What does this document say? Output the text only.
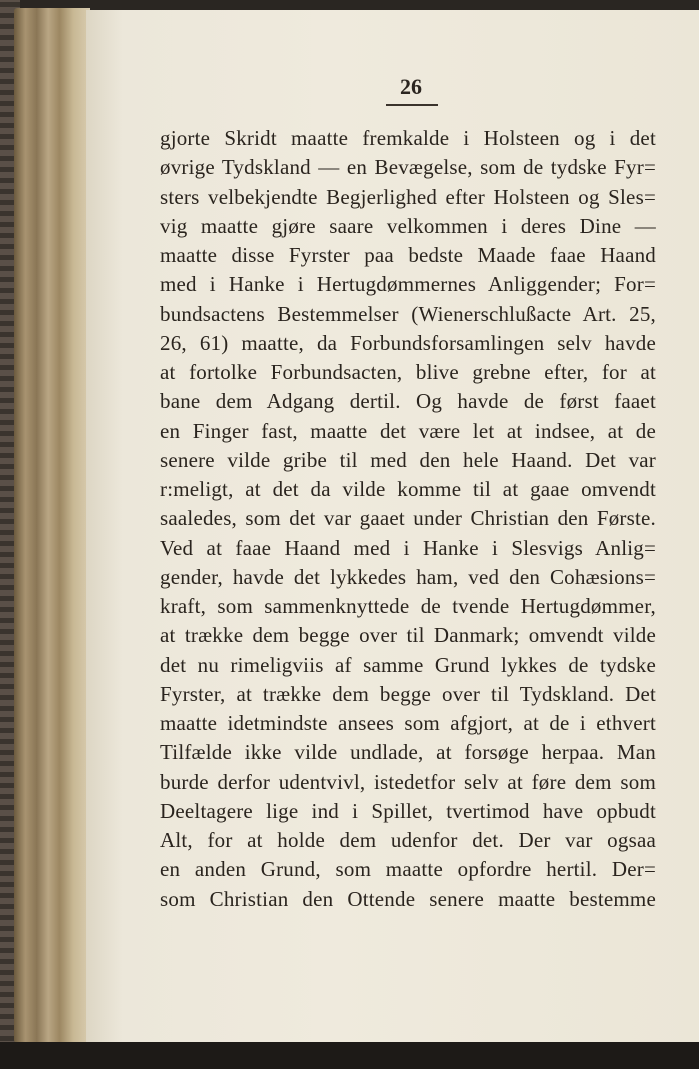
26
gjorte Skridt maatte fremkalde i Holsteen og i det
øvrige Tydskland — en Bevægelse, som de tydske Fyr=
sters velbekjendte Begjerlighed efter Holsteen og Sles=
vig maatte gjøre saare velkommen i deres Dine —
maatte disse Fyrster paa bedste Maade faae Haand
med i Hanke i Hertugdømmernes Anliggender; For=
bundsactens Bestemmelser (Wienerschlußacte Art. 25,
26, 61) maatte, da Forbundsforsamlingen selv havde
at fortolke Forbundsacten, blive grebne efter, for at
bane dem Adgang dertil. Og havde de først faaet
en Finger fast, maatte det være let at indsee, at de
senere vilde gribe til med den hele Haand. Det var
r:meligt, at det da vilde komme til at gaae omvendt
saaledes, som det var gaaet under Christian den Første.
Ved at faae Haand med i Hanke i Slesvigs Anlig=
gender, havde det lykkedes ham, ved den Cohæsions=
kraft, som sammenknyttede de tvende Hertugdømmer,
at trække dem begge over til Danmark; omvendt vilde
det nu rimeligviis af samme Grund lykkes de tydske
Fyrster, at trække dem begge over til Tydskland. Det
maatte idetmindste ansees som afgjort, at de i ethvert
Tilfælde ikke vilde undlade, at forsøge herpaa. Man
burde derfor udentvivl, istedetfor selv at føre dem som
Deeltagere lige ind i Spillet, tvertimod have opbudt
Alt, for at holde dem udenfor det. Der var ogsaa
en anden Grund, som maatte opfordre hertil. Der=
som Christian den Ottende senere maatte bestemme
